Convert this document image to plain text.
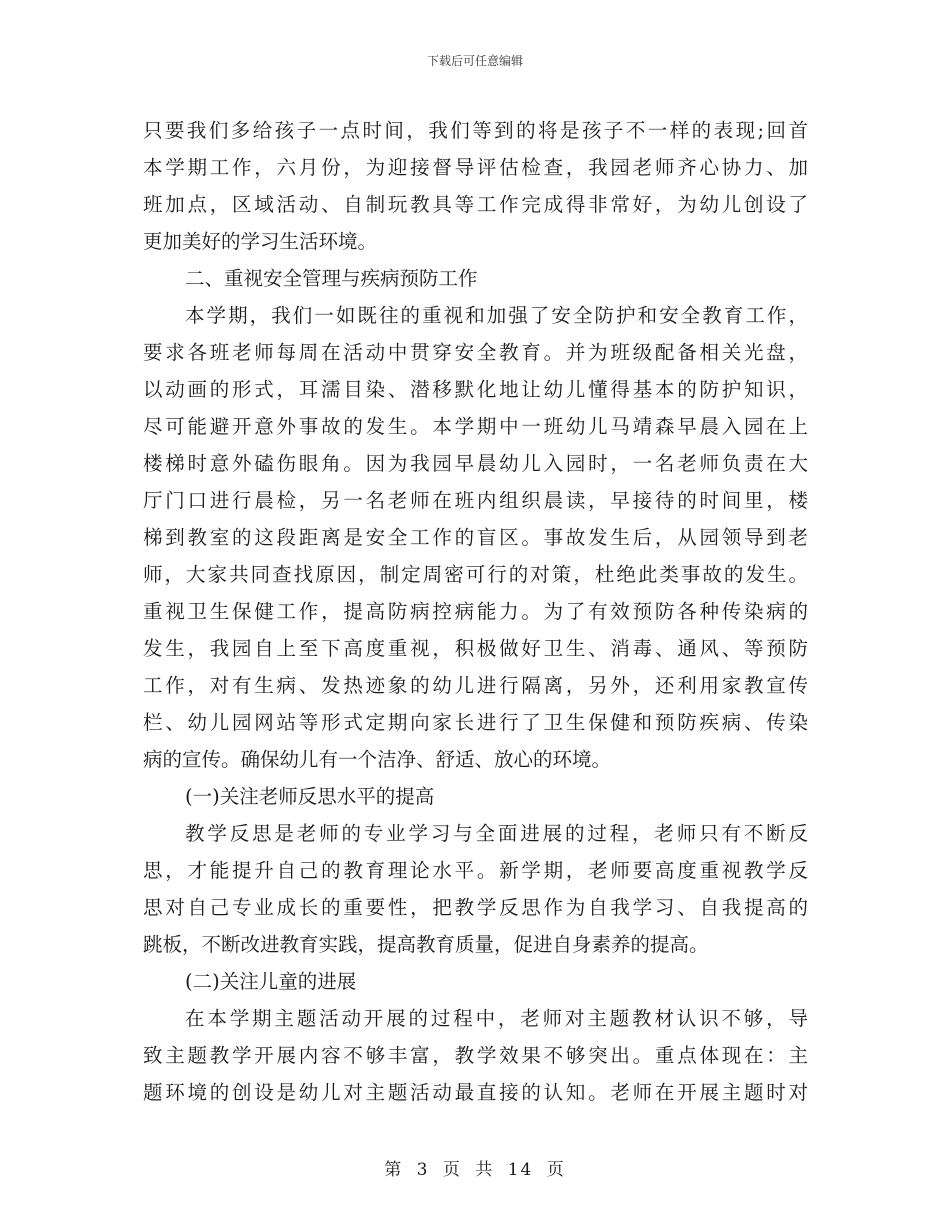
下载后可任意编辑
只要我们多给孩子一点时间，我们等到的将是孩子不一样的表现;回首
本学期工作，六月份，为迎接督导评估检查，我园老师齐心协力、加
班加点，区域活动、自制玩教具等工作完成得非常好，为幼儿创设了
更加美好的学习生活环境。
二、重视安全管理与疾病预防工作
本学期，我们一如既往的重视和加强了安全防护和安全教育工作，
要求各班老师每周在活动中贯穿安全教育。并为班级配备相关光盘，
以动画的形式，耳濡目染、潜移默化地让幼儿懂得基本的防护知识，
尽可能避开意外事故的发生。本学期中一班幼儿马靖森早晨入园在上
楼梯时意外磕伤眼角。因为我园早晨幼儿入园时，一名老师负责在大
厅门口进行晨检，另一名老师在班内组织晨读，早接待的时间里，楼
梯到教室的这段距离是安全工作的盲区。事故发生后，从园领导到老
师，大家共同查找原因，制定周密可行的对策，杜绝此类事故的发生。
重视卫生保健工作，提高防病控病能力。为了有效预防各种传染病的
发生，我园自上至下高度重视，积极做好卫生、消毒、通风、等预防
工作，对有生病、发热迹象的幼儿进行隔离，另外，还利用家教宣传
栏、幼儿园网站等形式定期向家长进行了卫生保健和预防疾病、传染
病的宣传。确保幼儿有一个洁净、舒适、放心的环境。
(一)关注老师反思水平的提高
教学反思是老师的专业学习与全面进展的过程，老师只有不断反
思，才能提升自己的教育理论水平。新学期，老师要高度重视教学反
思对自己专业成长的重要性，把教学反思作为自我学习、自我提高的
跳板，不断改进教育实践，提高教育质量，促进自身素养的提高。
(二)关注儿童的进展
在本学期主题活动开展的过程中，老师对主题教材认识不够，导
致主题教学开展内容不够丰富，教学效果不够突出。重点体现在：主
题环境的创设是幼儿对主题活动最直接的认知。老师在开展主题时对
第 3 页 共 14 页
